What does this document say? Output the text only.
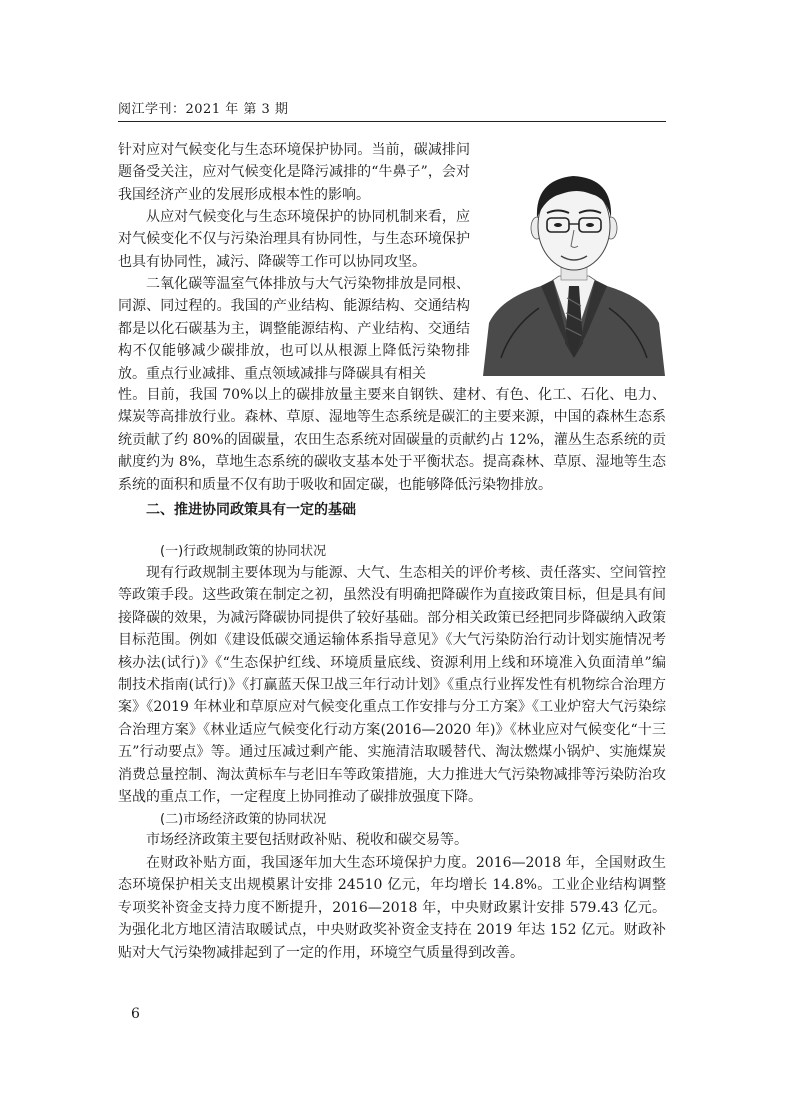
阅江学刊：2021 年 第 3 期

针对应对气候变化与生态环境保护协同。当前，碳减排问题备受关注，应对气候变化是降污减排的“牛鼻子”，会对我国经济产业的发展形成根本性的影响。

从应对气候变化与生态环境保护的协同机制来看，应对气候变化不仅与污染治理具有协同性，与生态环境保护也具有协同性，减污、降碳等工作可以协同攻坚。

二氧化碳等温室气体排放与大气污染物排放是同根、同源、同过程的。我国的产业结构、能源结构、交通结构都是以化石碳基为主，调整能源结构、产业结构、交通结构不仅能够减少碳排放，也可以从根源上降低污染物排放。重点行业减排、重点领域减排与降碳具有相关

性。目前，我国 70%以上的碳排放量主要来自钢铁、建材、有色、化工、石化、电力、煤炭等高排放行业。森林、草原、湿地等生态系统是碳汇的主要来源，中国的森林生态系统贡献了约 80%的固碳量，农田生态系统对固碳量的贡献约占 12%，灌丛生态系统的贡献度约为 8%，草地生态系统的碳收支基本处于平衡状态。提高森林、草原、湿地等生态系统的面积和质量不仅有助于吸收和固定碳，也能够降低污染物排放。

二、推进协同政策具有一定的基础
(一)行政规制政策的协同状况

现有行政规制主要体现为与能源、大气、生态相关的评价考核、责任落实、空间管控等政策手段。这些政策在制定之初，虽然没有明确把降碳作为直接政策目标，但是具有间接降碳的效果，为减污降碳协同提供了较好基础。部分相关政策已经把同步降碳纳入政策目标范围。例如《建设低碳交通运输体系指导意见》《大气污染防治行动计划实施情况考核办法(试行)》《“生态保护红线、环境质量底线、资源利用上线和环境准入负面清单”编制技术指南(试行)》《打赢蓝天保卫战三年行动计划》《重点行业挥发性有机物综合治理方案》《2019 年林业和草原应对气候变化重点工作安排与分工方案》《工业炉窑大气污染综合治理方案》《林业适应气候变化行动方案(2016—2020 年)》《林业应对气候变化“十三五”行动要点》等。通过压减过剩产能、实施清洁取暖替代、淘汰燃煤小锅炉、实施煤炭消费总量控制、淘汰黄标车与老旧车等政策措施，大力推进大气污染物减排等污染防治攻坚战的重点工作，一定程度上协同推动了碳排放强度下降。

(二)市场经济政策的协同状况

市场经济政策主要包括财政补贴、税收和碳交易等。

在财政补贴方面，我国逐年加大生态环境保护力度。2016—2018 年，全国财政生态环境保护相关支出规模累计安排 24510 亿元，年均增长 14.8%。工业企业结构调整专项奖补资金支持力度不断提升，2016—2018 年，中央财政累计安排 579.43 亿元。为强化北方地区清洁取暖试点，中央财政奖补资金支持在 2019 年达 152 亿元。财政补贴对大气污染物减排起到了一定的作用，环境空气质量得到改善。

6
